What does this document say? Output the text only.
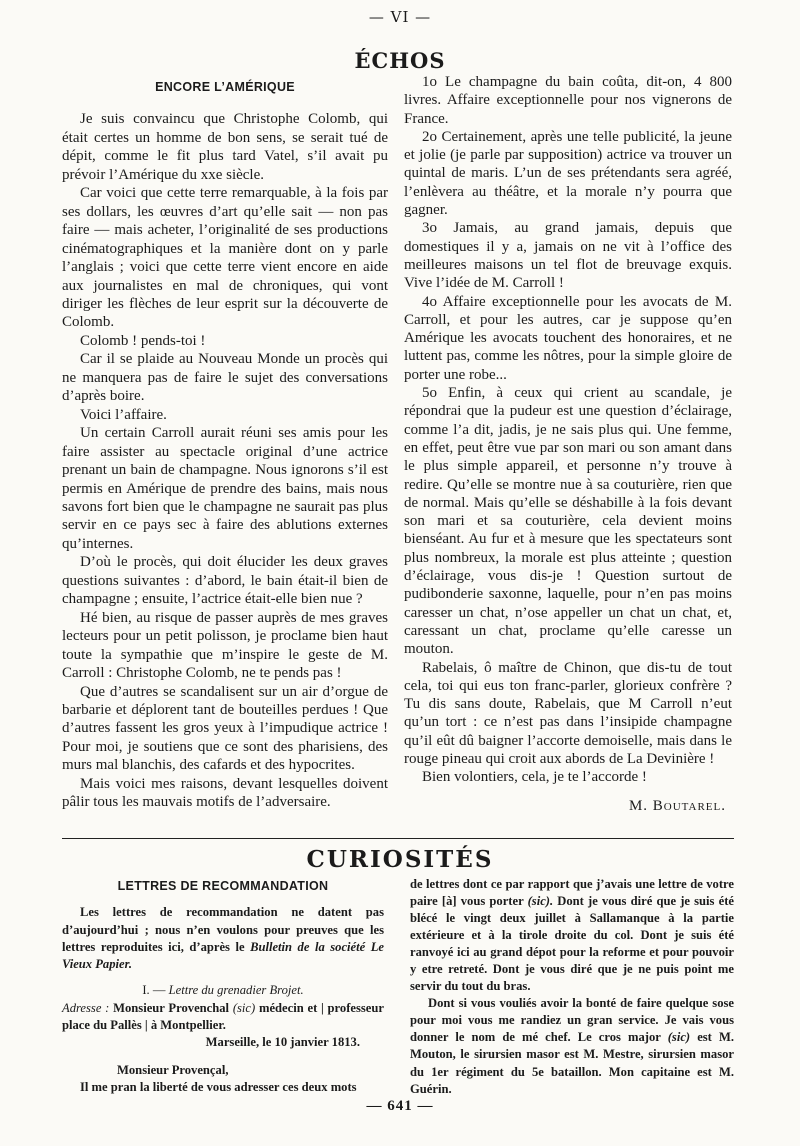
— VI —
ÉCHOS

ENCORE L’AMÉRIQUE

Je suis convaincu que Christophe Colomb, qui était certes un homme de bon sens, se serait tué de dépit, comme le fit plus tard Vatel, s’il avait pu prévoir l’Amérique du xxe siècle.

Car voici que cette terre remarquable, à la fois par ses dollars, les œuvres d’art qu’elle sait — non pas faire — mais acheter, l’originalité de ses productions cinématographiques et la manière dont on y parle l’anglais ; voici que cette terre vient encore en aide aux journalistes en mal de chroniques, qui vont diriger les flèches de leur esprit sur la découverte de Colomb.

Colomb ! pends-toi !

Car il se plaide au Nouveau Monde un procès qui ne manquera pas de faire le sujet des conversations d’après boire.

Voici l’affaire.

Un certain Carroll aurait réuni ses amis pour les faire assister au spectacle original d’une actrice prenant un bain de champagne. Nous ignorons s’il est permis en Amérique de prendre des bains, mais nous savons fort bien que le champagne ne saurait pas plus servir en ce pays sec à faire des ablutions externes qu’internes.

D’où le procès, qui doit élucider les deux graves questions suivantes : d’abord, le bain était-il bien de champagne ; ensuite, l’actrice était-elle bien nue ?

Hé bien, au risque de passer auprès de mes graves lecteurs pour un petit polisson, je proclame bien haut toute la sympathie que m’inspire le geste de M. Carroll : Christophe Colomb, ne te pends pas !

Que d’autres se scandalisent sur un air d’orgue de barbarie et déplorent tant de bouteilles perdues ! Que d’autres fassent les gros yeux à l’impudique actrice ! Pour moi, je soutiens que ce sont des pharisiens, des murs mal blanchis, des cafards et des hypocrites.

Mais voici mes raisons, devant lesquelles doivent pâlir tous les mauvais motifs de l’adversaire.

1o Le champagne du bain coûta, dit-on, 4 800 livres. Affaire exceptionnelle pour nos vignerons de France.

2o Certainement, après une telle publicité, la jeune et jolie (je parle par supposition) actrice va trouver un quintal de maris. L’un de ses prétendants sera agréé, l’enlèvera au théâtre, et la morale n’y pourra que gagner.

3o Jamais, au grand jamais, depuis que domestiques il y a, jamais on ne vit à l’office des meilleures maisons un tel flot de breuvage exquis. Vive l’idée de M. Carroll !

4o Affaire exceptionnelle pour les avocats de M. Carroll, et pour les autres, car je suppose qu’en Amérique les avocats touchent des honoraires, et ne luttent pas, comme les nôtres, pour la simple gloire de porter une robe...

5o Enfin, à ceux qui crient au scandale, je répondrai que la pudeur est une question d’éclairage, comme l’a dit, jadis, je ne sais plus qui. Une femme, en effet, peut être vue par son mari ou son amant dans le plus simple appareil, et personne n’y trouve à redire. Qu’elle se montre nue à sa couturière, rien que de normal. Mais qu’elle se déshabille à la fois devant son mari et sa couturière, cela devient moins bienséant. Au fur et à mesure que les spectateurs sont plus nombreux, la morale est plus atteinte ; question d’éclairage, vous dis-je ! Question surtout de pudibonderie saxonne, laquelle, pour n’en pas moins caresser un chat, n’ose appeller un chat un chat, et, caressant un chat, proclame qu’elle caresse un mouton.

Rabelais, ô maître de Chinon, que dis-tu de tout cela, toi qui eus ton franc-parler, glorieux confrère ? Tu dis sans doute, Rabelais, que M Carroll n’eut qu’un tort : ce n’est pas dans l’insipide champagne qu’il eût dû baigner l’accorte demoiselle, mais dans le rouge pineau qui croit aux abords de La Devinière !

Bien volontiers, cela, je te l’accorde !

M. Boutarel.

CURIOSITÉS

LETTRES DE RECOMMANDATION

Les lettres de recommandation ne datent pas d’aujourd’hui ; nous n’en voulons pour preuves que les lettres reproduites ici, d’après le Bulletin de la société Le Vieux Papier.

I. — Lettre du grenadier Brojet.

Adresse : Monsieur Provenchal (sic) médecin et | professeur place du Pallès | à Montpellier.

Marseille, le 10 janvier 1813.

Monsieur Provençal,

Il me pran la liberté de vous adresser ces deux mots

de lettres dont ce par rapport que j’avais une lettre de votre paire [à] vous porter (sic). Dont je vous diré que je suis été blécé le vingt deux juillet à Sallamanque à la partie extérieure et à la tirole droite du col. Dont je suis été ranvoyé ici au grand dépot pour la reforme et pour pouvoir y etre retreté. Dont je vous diré que je ne puis point me servir du tout du bras.

Dont si vous vouliés avoir la bonté de faire quelque sose pour moi vous me randiez un gran service. Je vais vous donner le nom de mé chef. Le cros major (sic) est M. Mouton, le sirursien masor est M. Mestre, sirursien masor du 1er régiment du 5e bataillon. Mon capitaine est M. Guérin.

— 641 —
